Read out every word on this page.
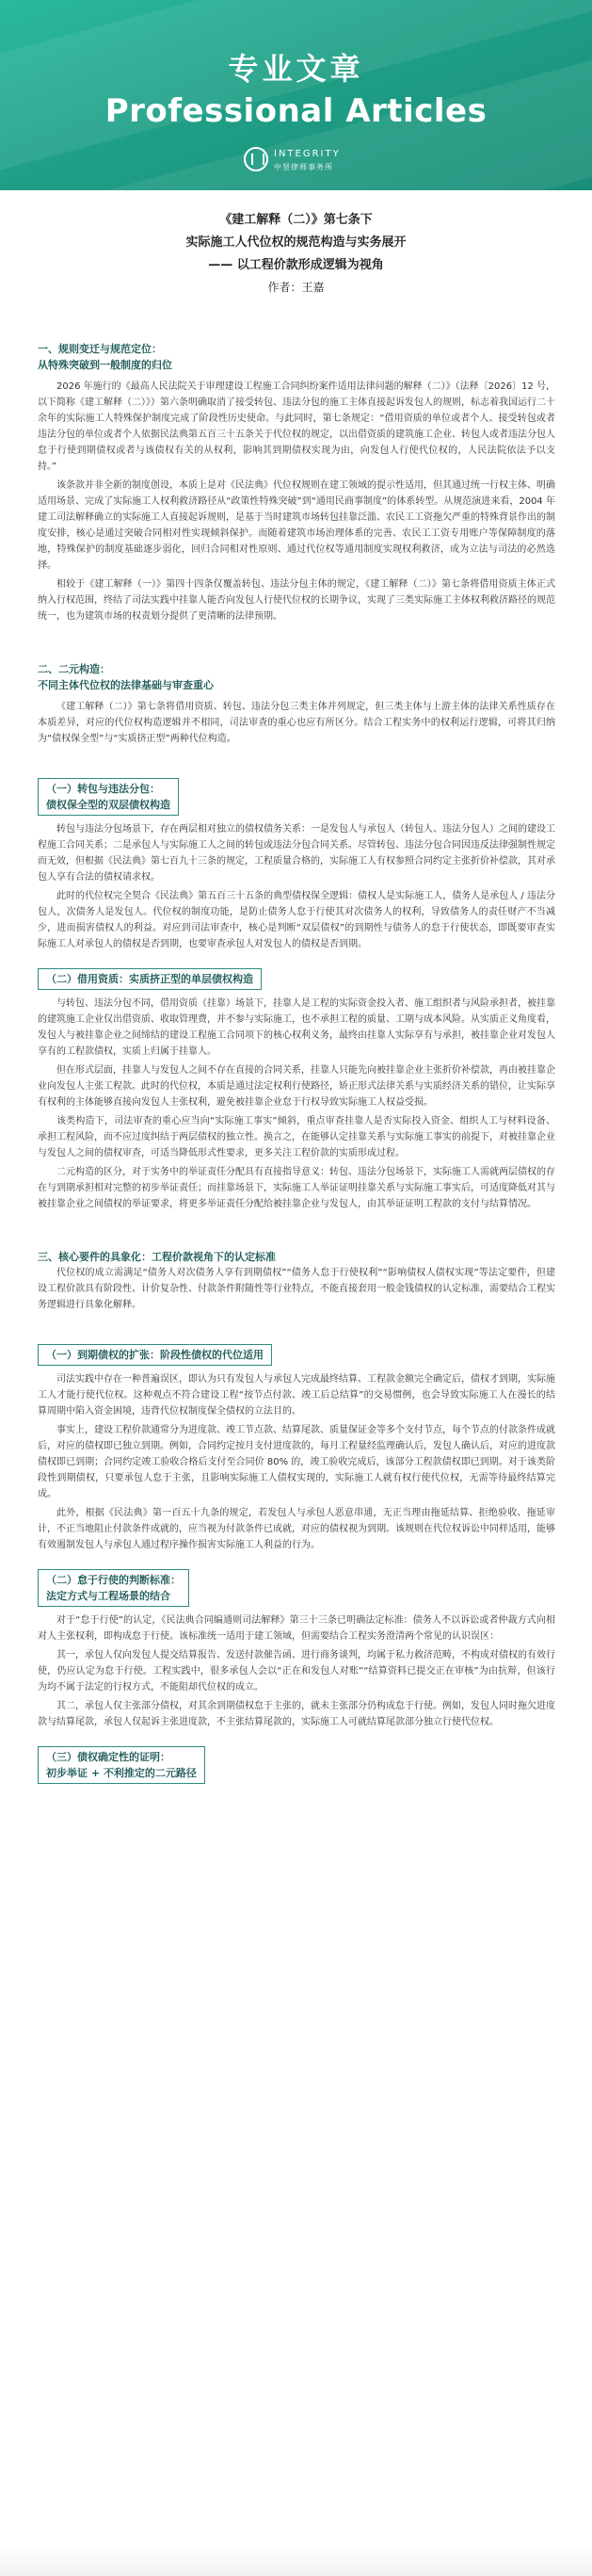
专业文章
Professional Articles
INTEGRITY
中坚律师事务所
《建工解释（二）》第七条下
实际施工人代位权的规范构造与实务展开
—— 以工程价款形成逻辑为视角
作者：王嘉
一、规则变迁与规范定位：
从特殊突破到一般制度的归位

2026 年施行的《最高人民法院关于审理建设工程施工合同纠纷案件适用法律问题的解释（二）》（法释〔2026〕12 号，以下简称《建工解释（二）》）第六条明确取消了接受转包、违法分包的施工主体直接起诉发包人的规则，标志着我国运行二十余年的实际施工人特殊保护制度完成了阶段性历史使命。与此同时，第七条规定：“借用资质的单位或者个人、接受转包或者违法分包的单位或者个人依据民法典第五百三十五条关于代位权的规定，以出借资质的建筑施工企业、转包人或者违法分包人怠于行使到期债权或者与该债权有关的从权利，影响其到期债权实现为由，向发包人行使代位权的，人民法院依法予以支持。”

该条款并非全新的制度创设，本质上是对《民法典》代位权规则在建工领域的提示性适用，但其通过统一行权主体、明确适用场景、完成了实际施工人权利救济路径从“政策性特殊突破”到“通用民商事制度”的体系转型。从规范演进来看，2004 年建工司法解释确立的实际施工人直接起诉规则，是基于当时建筑市场转包挂靠泛滥、农民工工资拖欠严重的特殊背景作出的制度安排，核心是通过突破合同相对性实现倾斜保护。而随着建筑市场治理体系的完善、农民工工资专用账户等保障制度的落地，特殊保护的制度基础逐步弱化，回归合同相对性原则、通过代位权等通用制度实现权利救济，成为立法与司法的必然选择。

相较于《建工解释（一）》第四十四条仅覆盖转包、违法分包主体的规定，《建工解释（二）》第七条将借用资质主体正式纳入行权范围，终结了司法实践中挂靠人能否向发包人行使代位权的长期争议，实现了三类实际施工主体权利救济路径的规范统一，也为建筑市场的权责划分提供了更清晰的法律预期。

二、二元构造：
不同主体代位权的法律基础与审查重心

《建工解释（二）》第七条将借用资质、转包、违法分包三类主体并列规定，但三类主体与上游主体的法律关系性质存在本质差异，对应的代位权构造逻辑并不相同，司法审查的重心也应有所区分。结合工程实务中的权利运行逻辑，可将其归纳为“债权保全型”与“实质挤正型”两种代位构造。

（一）转包与违法分包：
债权保全型的双层债权构造

转包与违法分包场景下，存在两层相对独立的债权债务关系：一是发包人与承包人（转包人、违法分包人）之间的建设工程施工合同关系；二是承包人与实际施工人之间的转包或违法分包合同关系。尽管转包、违法分包合同因违反法律强制性规定而无效，但根据《民法典》第七百九十三条的规定，工程质量合格的，实际施工人有权参照合同约定主张折价补偿款，其对承包人享有合法的债权请求权。

此时的代位权完全契合《民法典》第五百三十五条的典型债权保全逻辑：债权人是实际施工人，债务人是承包人 / 违法分包人，次债务人是发包人。代位权的制度功能，是防止债务人怠于行使其对次债务人的权利，导致债务人的责任财产不当减少，进而损害债权人的利益。对应到司法审查中，核心是判断“双层债权”的到期性与债务人的怠于行使状态，即既要审查实际施工人对承包人的债权是否到期，也要审查承包人对发包人的债权是否到期。

（二）借用资质：实质挤正型的单层债权构造

与转包、违法分包不同，借用资质（挂靠）场景下，挂靠人是工程的实际资金投入者、施工组织者与风险承担者，被挂靠的建筑施工企业仅出借资质、收取管理费，并不参与实际施工，也不承担工程的质量、工期与成本风险。从实质正义角度看，发包人与被挂靠企业之间缔结的建设工程施工合同项下的核心权利义务，最终由挂靠人实际享有与承担，被挂靠企业对发包人享有的工程款债权，实质上归属于挂靠人。

但在形式层面，挂靠人与发包人之间不存在直接的合同关系，挂靠人只能先向被挂靠企业主张折价补偿款，再由被挂靠企业向发包人主张工程款。此时的代位权，本质是通过法定权利行使路径，矫正形式法律关系与实质经济关系的错位，让实际享有权利的主体能够直接向发包人主张权利，避免被挂靠企业怠于行权导致实际施工人权益受损。

该类构造下，司法审查的重心应当向“实际施工事实”倾斜，重点审查挂靠人是否实际投入资金、组织人工与材料设备、承担工程风险，而不应过度纠结于两层债权的独立性。换言之，在能够认定挂靠关系与实际施工事实的前提下，对被挂靠企业与发包人之间的债权审查，可适当降低形式性要求，更多关注工程价款的实质形成过程。

二元构造的区分，对于实务中的举证责任分配具有直接指导意义：转包、违法分包场景下，实际施工人需就两层债权的存在与到期承担相对完整的初步举证责任；而挂靠场景下，实际施工人举证证明挂靠关系与实际施工事实后，可适度降低对其与被挂靠企业之间债权的举证要求，将更多举证责任分配给被挂靠企业与发包人，由其举证证明工程款的支付与结算情况。

三、核心要件的具象化：工程价款视角下的认定标准

代位权的成立需满足“债务人对次债务人享有到期债权”“债务人怠于行使权利”“影响债权人债权实现”等法定要件，但建设工程价款具有阶段性、计价复杂性、付款条件附随性等行业特点，不能直接套用一般金钱债权的认定标准，需要结合工程实务逻辑进行具象化解释。

（一）到期债权的扩张：阶段性债权的代位适用

司法实践中存在一种普遍误区，即认为只有发包人与承包人完成最终结算、工程款金额完全确定后，债权才到期，实际施工人才能行使代位权。这种观点不符合建设工程“按节点付款、竣工后总结算”的交易惯例，也会导致实际施工人在漫长的结算周期中陷入资金困境，违背代位权制度保全债权的立法目的。

事实上，建设工程价款通常分为进度款、竣工节点款、结算尾款、质量保证金等多个支付节点，每个节点的付款条件成就后，对应的债权即已独立到期。例如，合同约定按月支付进度款的，每月工程量经监理确认后，发包人确认后，对应的进度款债权即已到期；合同约定竣工验收合格后支付至合同价 80% 的，竣工验收完成后，该部分工程款债权即已到期。对于该类阶段性到期债权，只要承包人怠于主张，且影响实际施工人债权实现的，实际施工人就有权行使代位权，无需等待最终结算完成。

此外，根据《民法典》第一百五十九条的规定，若发包人与承包人恶意串通，无正当理由拖延结算、拒绝验收、拖延审计，不正当地阻止付款条件成就的，应当视为付款条件已成就，对应的债权视为到期。该规则在代位权诉讼中同样适用，能够有效遏制发包人与承包人通过程序操作损害实际施工人利益的行为。

（二）怠于行使的判断标准：
法定方式与工程场景的结合

对于“怠于行使”的认定，《民法典合同编通则司法解释》第三十三条已明确法定标准：债务人不以诉讼或者仲裁方式向相对人主张权利，即构成怠于行使。该标准统一适用于建工领域，但需要结合工程实务澄清两个常见的认识误区：

其一，承包人仅向发包人提交结算报告、发送付款催告函、进行商务谈判，均属于私力救济范畴，不构成对债权的有效行使，仍应认定为怠于行使。工程实践中，很多承包人会以“正在和发包人对账”“结算资料已提交正在审核”为由抗辩，但该行为均不属于法定的行权方式，不能阻却代位权的成立。

其二，承包人仅主张部分债权，对其余到期债权怠于主张的，就未主张部分仍构成怠于行使。例如，发包人同时拖欠进度款与结算尾款，承包人仅起诉主张进度款，不主张结算尾款的，实际施工人可就结算尾款部分独立行使代位权。

（三）债权确定性的证明：
初步举证 + 不利推定的二元路径
